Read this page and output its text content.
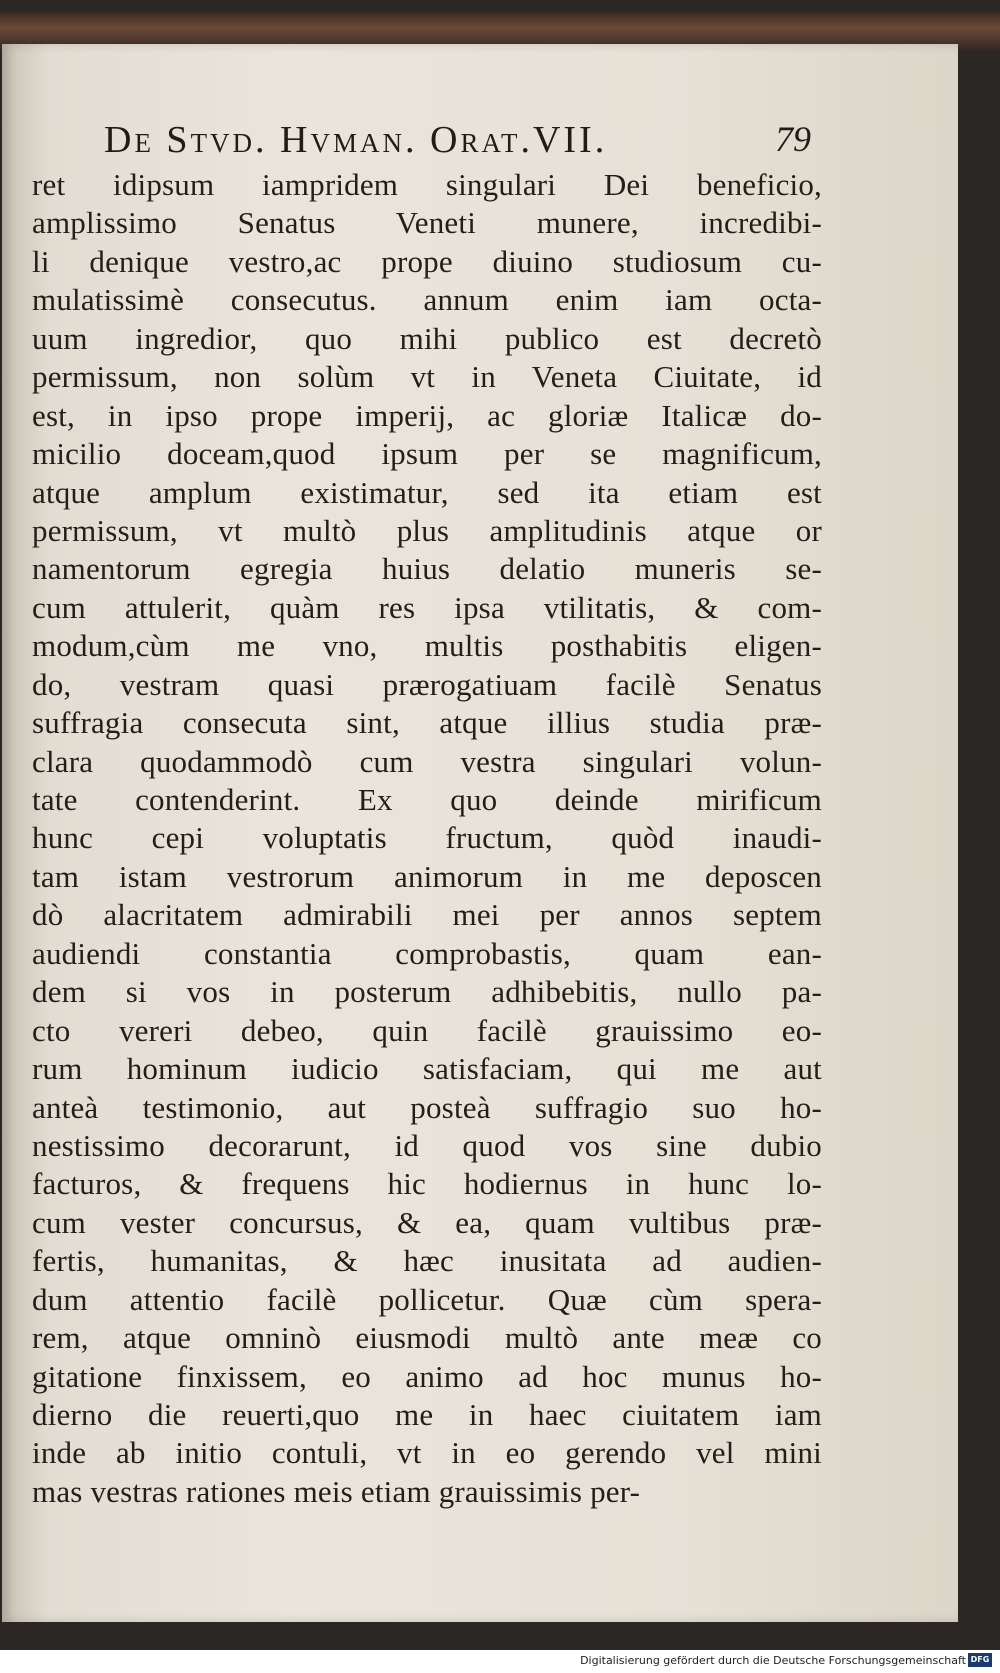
De Stvd. Hvman. Orat.VII.	79
ret idipsum iampridem singulari Dei beneficio,
amplissimo Senatus Veneti munere, incredibi-
li denique vestro,ac prope diuino studiosum cu-
mulatissimè consecutus. annum enim iam octa-
uum ingredior, quo mihi publico est decretò
permissum, non solùm vt in Veneta Ciuitate, id
est, in ipso prope imperij, ac gloriæ Italicæ do-
micilio doceam,quod ipsum per se magnificum,
atque amplum existimatur, sed ita etiam est
permissum, vt multò plus amplitudinis atque or
namentorum egregia huius delatio muneris se-
cum attulerit, quàm res ipsa vtilitatis, & com-
modum,cùm me vno, multis posthabitis eligen-
do, vestram quasi prærogatiuam facilè Senatus
suffragia consecuta sint, atque illius studia præ-
clara quodammodò cum vestra singulari volun-
tate contenderint. Ex quo deinde mirificum
hunc cepi voluptatis fructum, quòd inaudi-
tam istam vestrorum animorum in me deposcen
dò alacritatem admirabili mei per annos septem
audiendi constantia comprobastis, quam ean-
dem si vos in posterum adhibebitis, nullo pa-
cto vereri debeo, quin facilè grauissimo eo-
rum hominum iudicio satisfaciam, qui me aut
anteà testimonio, aut posteà suffragio suo ho-
nestissimo decorarunt, id quod vos sine dubio
facturos, & frequens hic hodiernus in hunc lo-
cum vester concursus, & ea, quam vultibus præ-
fertis, humanitas, & hæc inusitata ad audien-
dum attentio facilè pollicetur. Quæ cùm spera-
rem, atque omninò eiusmodi multò ante meæ co
gitatione finxissem, eo animo ad hoc munus ho-
dierno die reuerti,quo me in haec ciuitatem iam
inde ab initio contuli, vt in eo gerendo vel mini
mas vestras rationes meis etiam grauissimis per-
Digitalisierung gefördert durch die Deutsche Forschungsgemeinschaft DFG
